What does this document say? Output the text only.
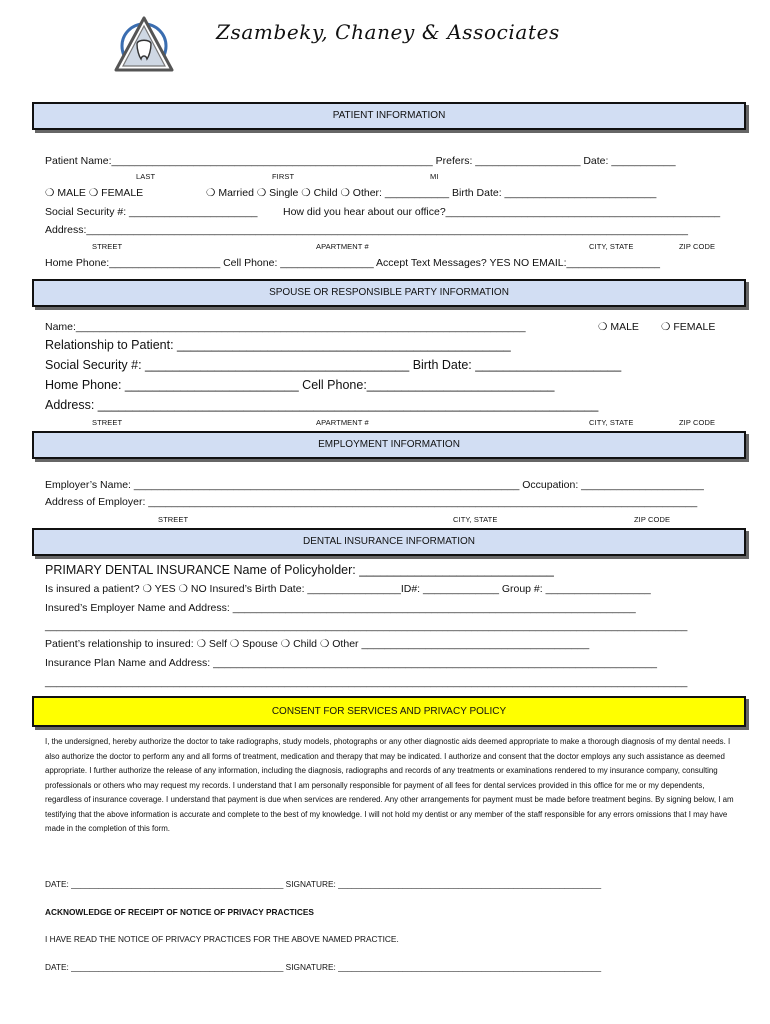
Zsambeky, Chaney & Associates
PATIENT INFORMATION
Patient Name:_______________________________________________________ Prefers: __________________ Date: ___________
LAST	FIRST	MI
❍ MALE ❍ FEMALE	❍ Married ❍ Single ❍ Child ❍ Other: ___________ Birth Date: __________________________
Social Security #: ______________________ How did you hear about our office?_______________________________________________
Address:_______________________________________________________________________________________________________
STREET	APARTMENT #	CITY, STATE	ZIP CODE
Home Phone:___________________ Cell Phone: ________________ Accept Text Messages? YES NO EMAIL:________________
SPOUSE OR RESPONSIBLE PARTY INFORMATION
Name:_____________________________________________________________________________	❍ MALE ❍ FEMALE
Relationship to Patient: ________________________________________________
Social Security #: ______________________________________ Birth Date: _____________________
Home Phone: _________________________ Cell Phone:___________________________
Address: ________________________________________________________________________
STREET	APARTMENT #	CITY, STATE	ZIP CODE
EMPLOYMENT INFORMATION
Employer’s Name: __________________________________________________________________ Occupation: _____________________
Address of Employer: ______________________________________________________________________________________________
STREET	CITY, STATE	ZIP CODE
DENTAL INSURANCE INFORMATION
PRIMARY DENTAL INSURANCE Name of Policyholder: ____________________________
Is insured a patient? ❍ YES ❍ NO Insured’s Birth Date: ________________ID#: _____________ Group #: __________________
Insured’s Employer Name and Address: _____________________________________________________________________
______________________________________________________________________________________________________________
Patient’s relationship to insured: ❍ Self ❍ Spouse ❍ Child ❍ Other _______________________________________
Insurance Plan Name and Address: ____________________________________________________________________________
______________________________________________________________________________________________________________
CONSENT FOR SERVICES AND PRIVACY POLICY
I, the undersigned, hereby authorize the doctor to take radiographs, study models, photographs or any other diagnostic aids deemed appropriate to make a thorough diagnosis of my dental needs. I also authorize the doctor to perform any and all forms of treatment, medication and therapy that may be indicated. I authorize and consent that the doctor employs any such assistance as deemed appropriate. I further authorize the release of any information, including the diagnosis, radiographs and records of any treatments or examinations rendered to my insurance company, consulting professionals or others who may request my records. I understand that I am personally responsible for payment of all fees for dental services provided in this office for me or my dependents, regardless of insurance coverage. I understand that payment is due when services are rendered. Any other arrangements for payment must be made before treatment begins. By signing below, I am testifying that the above information is accurate and complete to the best of my knowledge. I will not hold my dentist or any member of the staff responsible for any errors omissions that I may have made in the completion of this form.
DATE: ______________________________________________ SIGNATURE: _________________________________________________________
ACKNOWLEDGE OF RECEIPT OF NOTICE OF PRIVACY PRACTICES
I HAVE READ THE NOTICE OF PRIVACY PRACTICES FOR THE ABOVE NAMED PRACTICE.
DATE: ______________________________________________ SIGNATURE: _________________________________________________________
